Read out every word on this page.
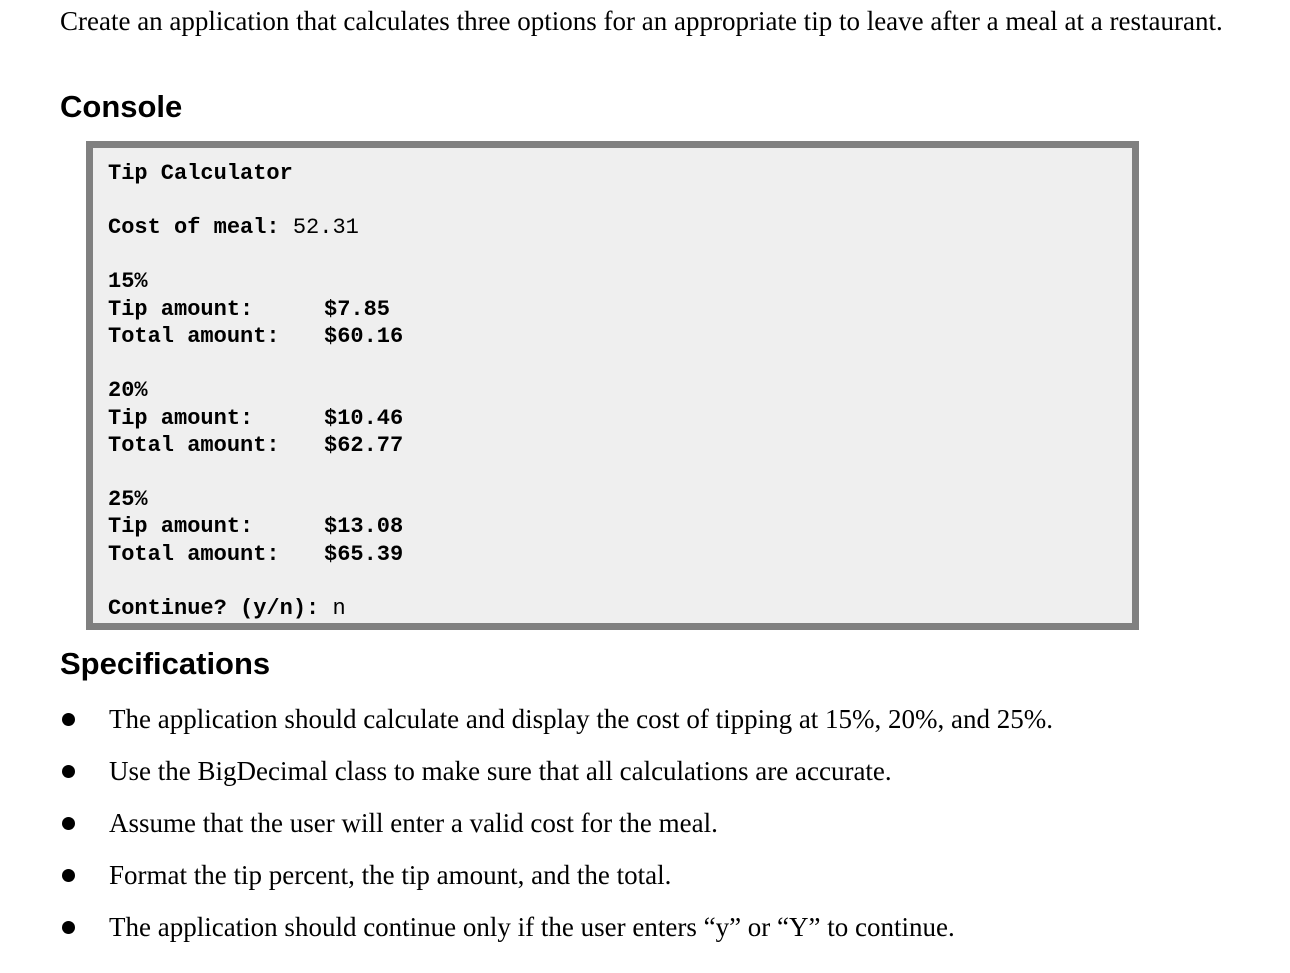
Create an application that calculates three options for an appropriate tip to leave after a meal at a restaurant.
Console
Tip Calculator
Cost of meal: 52.31
15%
Tip amount:	$7.85
Total amount: $60.16
20%
Tip amount:	$10.46
Total amount: $62.77
25%
Tip amount:	$13.08
Total amount: $65.39
Continue? (y/n): n
Specifications
The application should calculate and display the cost of tipping at 15%, 20%, and 25%.
Use the BigDecimal class to make sure that all calculations are accurate.
Assume that the user will enter a valid cost for the meal.
Format the tip percent, the tip amount, and the total.
The application should continue only if the user enters “y” or “Y” to continue.
